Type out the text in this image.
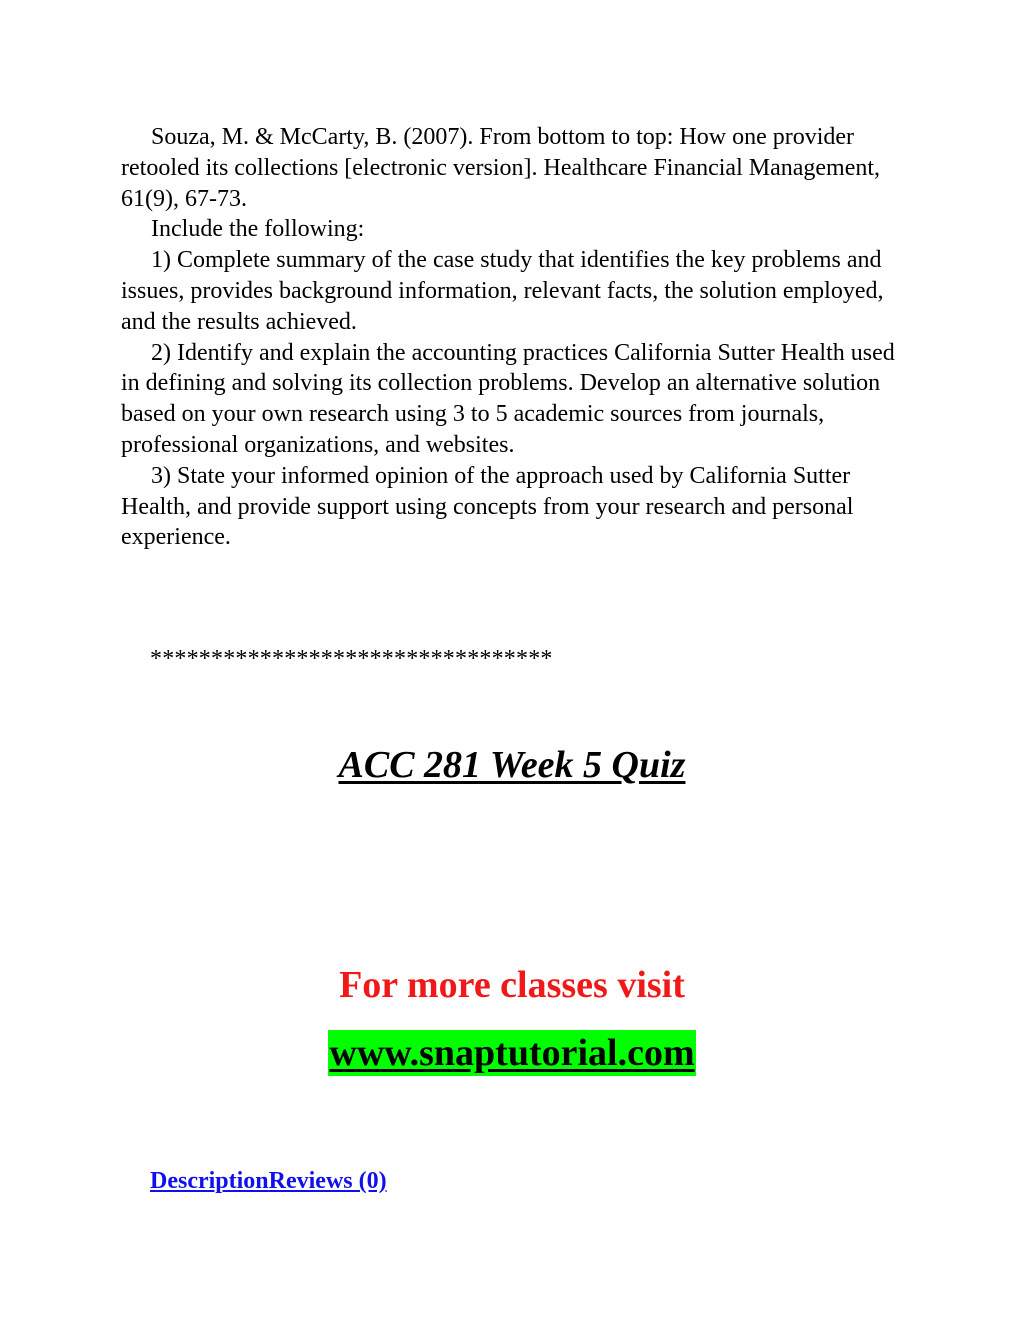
Souza, M. & McCarty, B. (2007). From bottom to top: How one provider retooled its collections [electronic version]. Healthcare Financial Management, 61(9), 67-73.

Include the following:

1) Complete summary of the case study that identifies the key problems and issues, provides background information, relevant facts, the solution employed, and the results achieved.

2) Identify and explain the accounting practices California Sutter Health used in defining and solving its collection problems. Develop an alternative solution based on your own research using 3 to 5 academic sources from journals, professional organizations, and websites.

3) State your informed opinion of the approach used by California Sutter Health, and provide support using concepts from your research and personal experience.

*********************************
ACC 281 Week 5 Quiz
For more classes visit
www.snaptutorial.com
DescriptionReviews (0)
